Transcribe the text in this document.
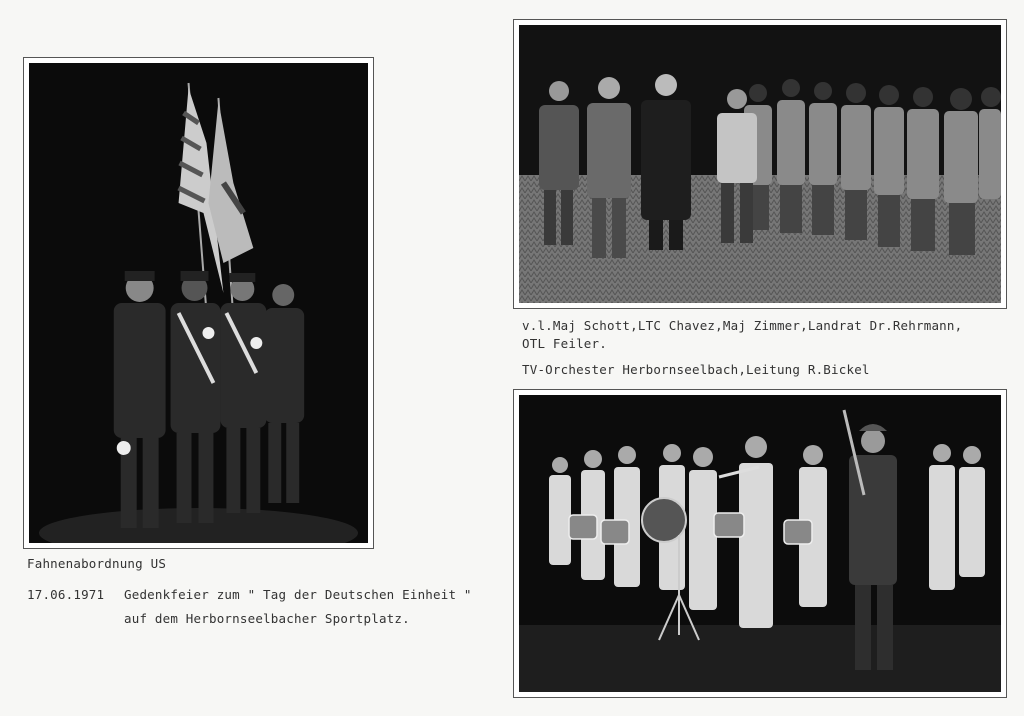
Fahnenabordnung US
17.06.1971 Gedenkfeier zum " Tag der Deutschen Einheit "
auf dem Herbornseelbacher Sportplatz.
v.l.Maj Schott,LTC Chavez,Maj Zimmer,Landrat Dr.Rehrmann,
OTL Feiler.
TV-Orchester Herbornseelbach,Leitung R.Bickel
